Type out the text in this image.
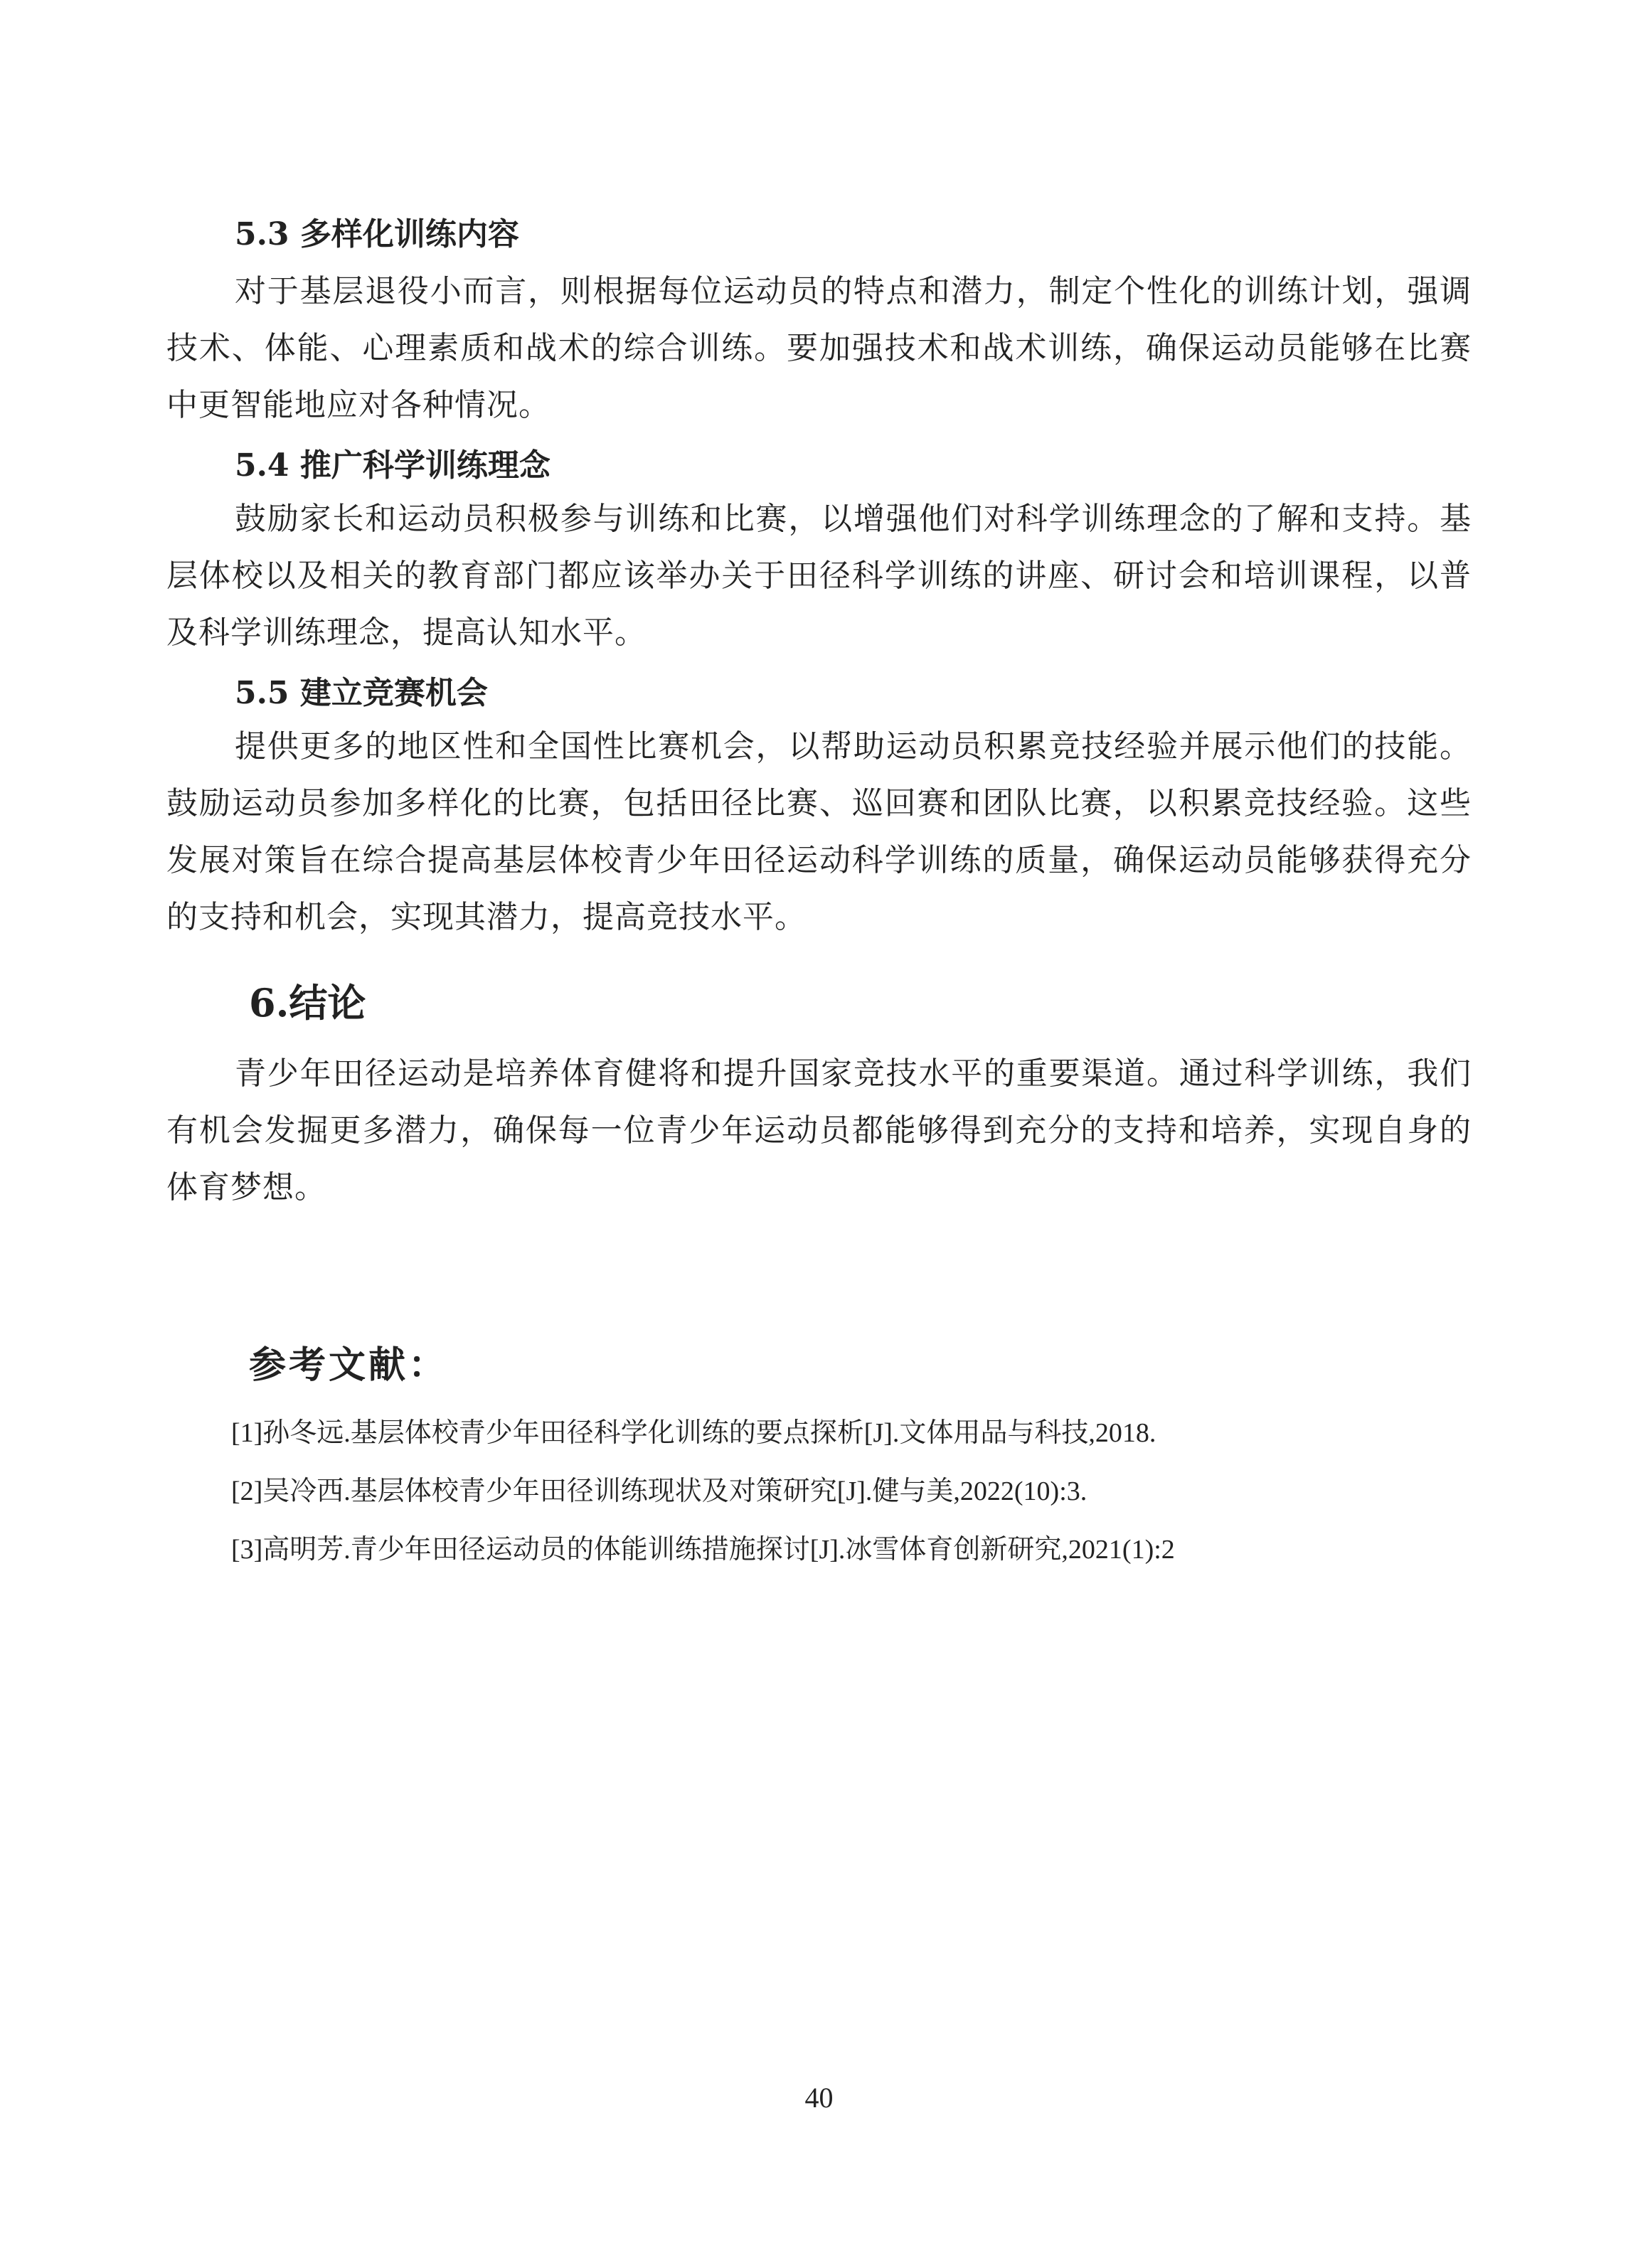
5.3 多样化训练内容
对于基层退役小而言，则根据每位运动员的特点和潜力，制定个性化的训练计划，强调技术、体能、心理素质和战术的综合训练。要加强技术和战术训练，确保运动员能够在比赛中更智能地应对各种情况。
5.4 推广科学训练理念
鼓励家长和运动员积极参与训练和比赛，以增强他们对科学训练理念的了解和支持。基层体校以及相关的教育部门都应该举办关于田径科学训练的讲座、研讨会和培训课程，以普及科学训练理念，提高认知水平。
5.5 建立竞赛机会
提供更多的地区性和全国性比赛机会，以帮助运动员积累竞技经验并展示他们的技能。鼓励运动员参加多样化的比赛，包括田径比赛、巡回赛和团队比赛，以积累竞技经验。这些发展对策旨在综合提高基层体校青少年田径运动科学训练的质量，确保运动员能够获得充分的支持和机会，实现其潜力，提高竞技水平。
6.结论
青少年田径运动是培养体育健将和提升国家竞技水平的重要渠道。通过科学训练，我们有机会发掘更多潜力，确保每一位青少年运动员都能够得到充分的支持和培养，实现自身的体育梦想。
参考文献：
[1]孙冬远.基层体校青少年田径科学化训练的要点探析[J].文体用品与科技,2018.
[2]吴冷西.基层体校青少年田径训练现状及对策研究[J].健与美,2022(10):3.
[3]高明芳.青少年田径运动员的体能训练措施探讨[J].冰雪体育创新研究,2021(1):2
40
